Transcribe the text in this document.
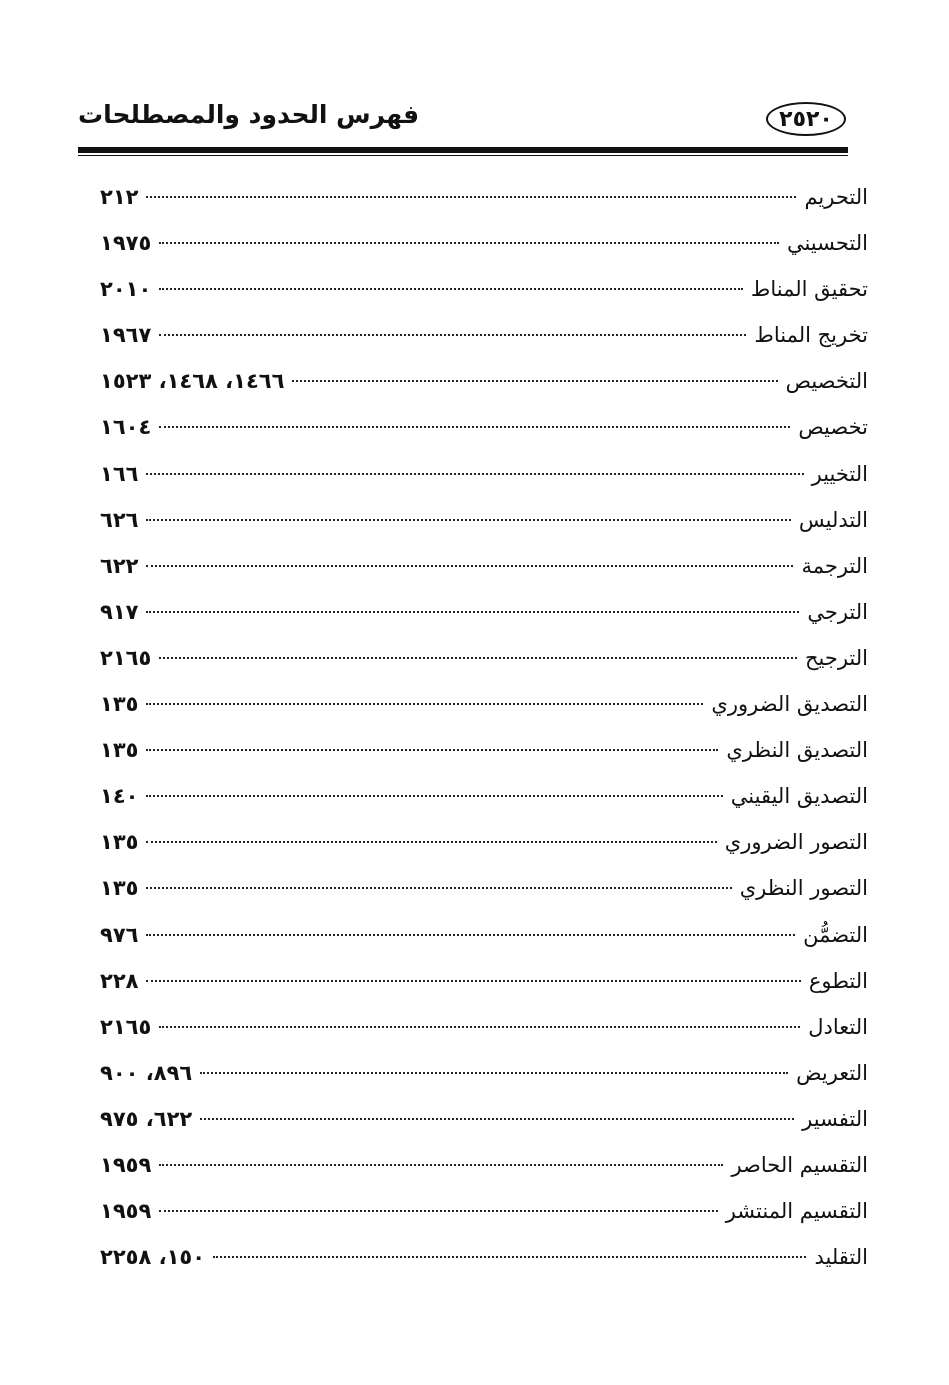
٢٥٢٠
فهرس الحدود والمصطلحات
التحريم
٢١٢
التحسيني
١٩٧٥
تحقيق المناط
٢٠١٠
تخريج المناط
١٩٦٧
التخصيص
١٤٦٦، ١٤٦٨، ١٥٢٣
تخصيص
١٦٠٤
التخيير
١٦٦
التدليس
٦٢٦
الترجمة
٦٢٢
الترجي
٩١٧
الترجيح
٢١٦٥
التصديق الضروري
١٣٥
التصديق النظري
١٣٥
التصديق اليقيني
١٤٠
التصور الضروري
١٣٥
التصور النظري
١٣٥
التضمُّن
٩٧٦
التطوع
٢٢٨
التعادل
٢١٦٥
التعريض
٨٩٦، ٩٠٠
التفسير
٦٢٢، ٩٧٥
التقسيم الحاصر
١٩٥٩
التقسيم المنتشر
١٩٥٩
التقليد
١٥٠، ٢٢٥٨
